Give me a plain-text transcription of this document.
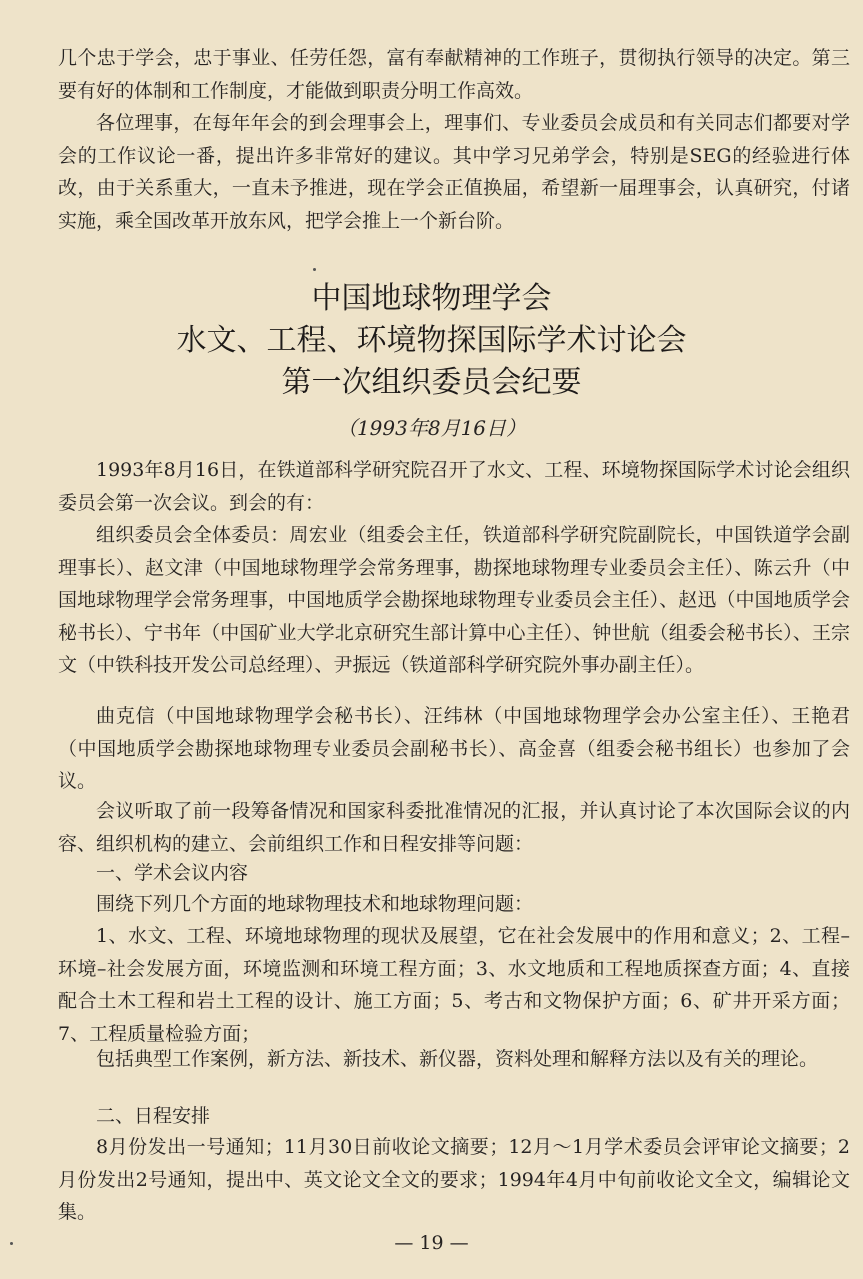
几个忠于学会，忠于事业、任劳任怨，富有奉献精神的工作班子，贯彻执行领导的决定。第三要有好的体制和工作制度，才能做到职责分明工作高效。

各位理事，在每年年会的到会理事会上，理事们、专业委员会成员和有关同志们都要对学会的工作议论一番，提出许多非常好的建议。其中学习兄弟学会，特别是SEG的经验进行体改，由于关系重大，一直未予推进，现在学会正值换届，希望新一届理事会，认真研究，付诸实施，乘全国改革开放东风，把学会推上一个新台阶。

中国地球物理学会

水文、工程、环境物探国际学术讨论会

第一次组织委员会纪要

（1993年8月16日）

1993年8月16日，在铁道部科学研究院召开了水文、工程、环境物探国际学术讨论会组织委员会第一次会议。到会的有：

组织委员会全体委员：周宏业（组委会主任，铁道部科学研究院副院长，中国铁道学会副理事长）、赵文津（中国地球物理学会常务理事，勘探地球物理专业委员会主任）、陈云升（中国地球物理学会常务理事，中国地质学会勘探地球物理专业委员会主任）、赵迅（中国地质学会秘书长）、宁书年（中国矿业大学北京研究生部计算中心主任）、钟世航（组委会秘书长）、王宗文（中铁科技开发公司总经理）、尹振远（铁道部科学研究院外事办副主任）。

曲克信（中国地球物理学会秘书长）、汪纬林（中国地球物理学会办公室主任）、王艳君（中国地质学会勘探地球物理专业委员会副秘书长）、高金喜（组委会秘书组长）也参加了会议。

会议听取了前一段筹备情况和国家科委批准情况的汇报，并认真讨论了本次国际会议的内容、组织机构的建立、会前组织工作和日程安排等问题：

一、学术会议内容

围绕下列几个方面的地球物理技术和地球物理问题：

1、水文、工程、环境地球物理的现状及展望，它在社会发展中的作用和意义；2、工程–环境–社会发展方面，环境监测和环境工程方面；3、水文地质和工程地质探查方面；4、直接配合土木工程和岩土工程的设计、施工方面；5、考古和文物保护方面；6、矿井开采方面；7、工程质量检验方面；

包括典型工作案例，新方法、新技术、新仪器，资料处理和解释方法以及有关的理论。

二、日程安排

8月份发出一号通知；11月30日前收论文摘要；12月～1月学术委员会评审论文摘要；2月份发出2号通知，提出中、英文论文全文的要求；1994年4月中旬前收论文全文，编辑论文集。

— 19 —
